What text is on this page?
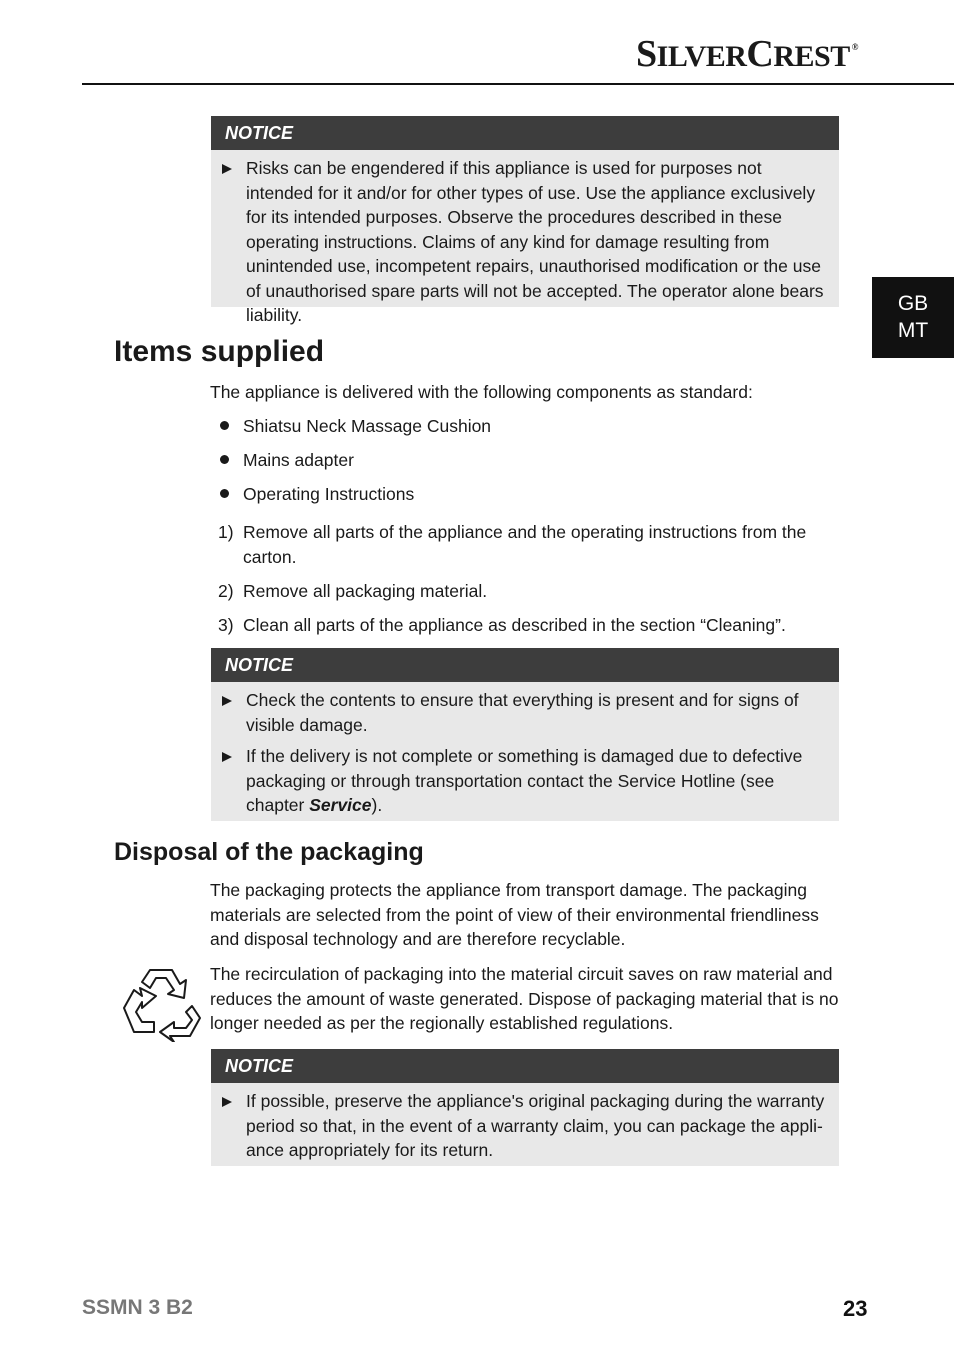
SILVERCREST ®
GB
MT
NOTICE
Risks can be engendered if this appliance is used for purposes not intended for it and/or for other types of use. Use the appliance exclusively for its intended purposes. Observe the procedures described in these operating instructions. Claims of any kind for damage resulting from unintended use, incompetent repairs, unauthorised modification or the use of unauthorised spare parts will not be accepted. The operator alone bears liability.
Items supplied

The appliance is delivered with the following components as standard:

Shiatsu Neck Massage Cushion
Mains adapter
Operating Instructions
1) Remove all parts of the appliance and the operating instructions from the carton.
2) Remove all packaging material.
3) Clean all parts of the appliance as described in the section “Cleaning”.
NOTICE
Check the contents to ensure that everything is present and for signs of visible damage.
If the delivery is not complete or something is damaged due to defective packaging or through transportation contact the Service Hotline (see chapter Service).
Disposal of the packaging

The packaging protects the appliance from transport damage. The packaging materials are selected from the point of view of their environmental friendliness and disposal technology and are therefore recyclable.

The recirculation of packaging into the material circuit saves on raw material and reduces the amount of waste generated. Dispose of packaging material that is no longer needed as per the regionally established regulations.

NOTICE
If possible, preserve the appliance's original packaging during the warranty period so that, in the event of a warranty claim, you can package the appli-ance appropriately for its return.
SSMN 3 B2	23
